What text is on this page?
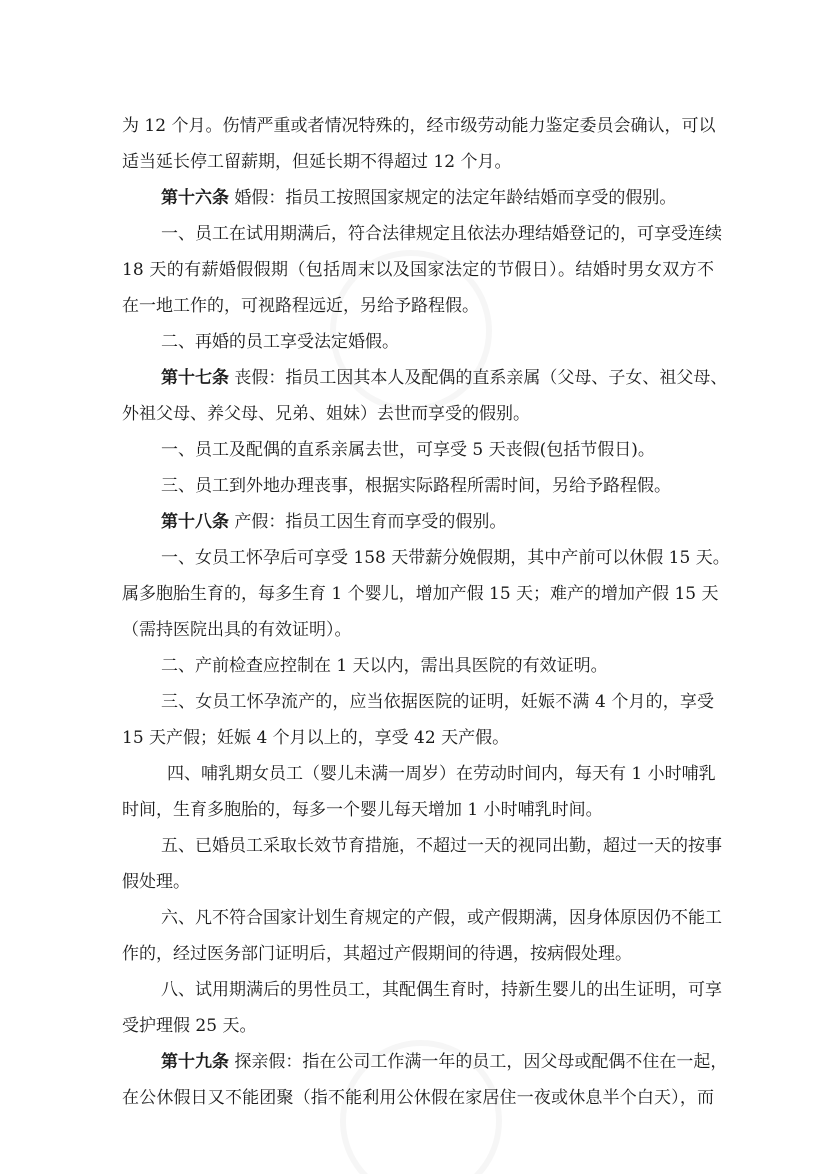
为 12 个月。伤情严重或者情况特殊的，经市级劳动能力鉴定委员会确认，可以
适当延长停工留薪期，但延长期不得超过 12 个月。
第十六条 婚假：指员工按照国家规定的法定年龄结婚而享受的假别。
一、员工在试用期满后，符合法律规定且依法办理结婚登记的，可享受连续
18 天的有薪婚假假期（包括周末以及国家法定的节假日）。结婚时男女双方不
在一地工作的，可视路程远近，另给予路程假。
二、再婚的员工享受法定婚假。
第十七条 丧假：指员工因其本人及配偶的直系亲属（父母、子女、祖父母、
外祖父母、养父母、兄弟、姐妹）去世而享受的假别。
一、员工及配偶的直系亲属去世，可享受 5 天丧假(包括节假日)。
三、员工到外地办理丧事，根据实际路程所需时间，另给予路程假。
第十八条 产假：指员工因生育而享受的假别。
一、女员工怀孕后可享受 158 天带薪分娩假期，其中产前可以休假 15 天。
属多胞胎生育的，每多生育 1 个婴儿，增加产假 15 天；难产的增加产假 15 天
（需持医院出具的有效证明）。
二、产前检查应控制在 1 天以内，需出具医院的有效证明。
三、女员工怀孕流产的，应当依据医院的证明，妊娠不满 4 个月的，享受
15 天产假；妊娠 4 个月以上的，享受 42 天产假。
四、哺乳期女员工（婴儿未满一周岁）在劳动时间内，每天有 1 小时哺乳
时间，生育多胞胎的，每多一个婴儿每天增加 1 小时哺乳时间。
五、已婚员工采取长效节育措施，不超过一天的视同出勤，超过一天的按事
假处理。
六、凡不符合国家计划生育规定的产假，或产假期满，因身体原因仍不能工
作的，经过医务部门证明后，其超过产假期间的待遇，按病假处理。
八、试用期满后的男性员工，其配偶生育时，持新生婴儿的出生证明，可享
受护理假 25 天。
第十九条 探亲假：指在公司工作满一年的员工，因父母或配偶不住在一起，
在公休假日又不能团聚（指不能利用公休假在家居住一夜或休息半个白天），而
